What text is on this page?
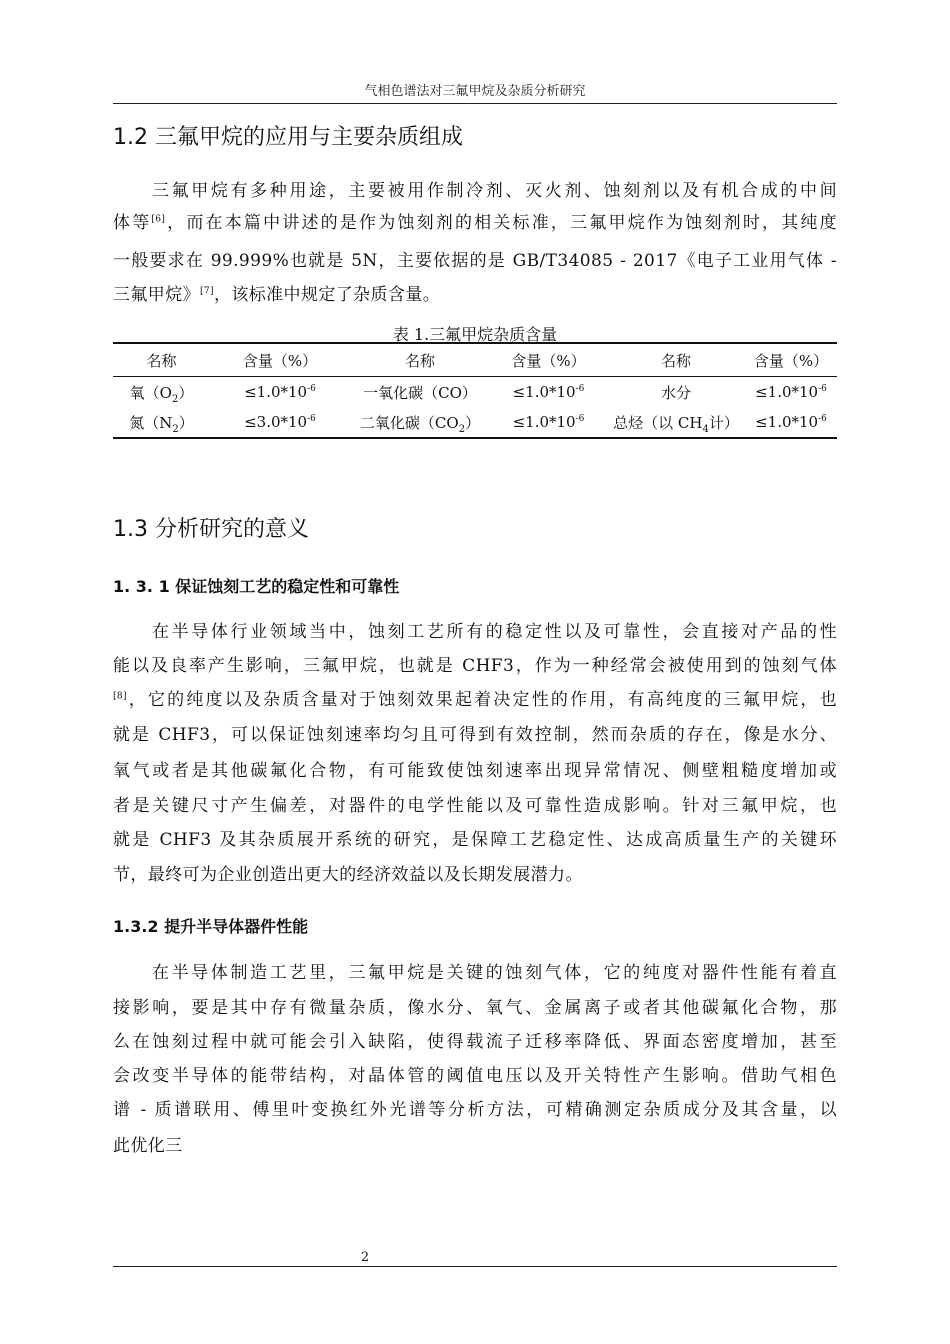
气相色谱法对三氟甲烷及杂质分析研究
1.2 三氟甲烷的应用与主要杂质组成
三氟甲烷有多种用途，主要被用作制冷剂、灭火剂、蚀刻剂以及有机合成的中间
体等[6]，而在本篇中讲述的是作为蚀刻剂的相关标准，三氟甲烷作为蚀刻剂时，其纯度
一般要求在 99.999%也就是 5N，主要依据的是 GB/T34085 - 2017《电子工业用气体 -
三氟甲烷》[7]，该标准中规定了杂质含量。
表 1.三氟甲烷杂质含量
名称	含量（%）	名称	含量（%）	名称	含量（%）
氧$(O_2)$	$\le 1.0*10^{-6}$	一氧化碳（CO）	$\le 1.0*10^{-6}$	水分	$\le 1.0*10^{-6}$
氮$(N_2)$	$\le 3.0*10^{-6}$	二氧化碳$(CO_2)$	$\le 1.0*10^{-6}$	总烃（以 $CH_4$计）	$\le 1.0*10^{-6}$
1.3 分析研究的意义
1. 3. 1 保证蚀刻工艺的稳定性和可靠性
在半导体行业领域当中，蚀刻工艺所有的稳定性以及可靠性，会直接对产品的性
能以及良率产生影响，三氟甲烷，也就是 CHF3，作为一种经常会被使用到的蚀刻气体
[8]，它的纯度以及杂质含量对于蚀刻效果起着决定性的作用，有高纯度的三氟甲烷，也
就是 CHF3，可以保证蚀刻速率均匀且可得到有效控制，然而杂质的存在，像是水分、
氧气或者是其他碳氟化合物，有可能致使蚀刻速率出现异常情况、侧壁粗糙度增加或
者是关键尺寸产生偏差，对器件的电学性能以及可靠性造成影响。针对三氟甲烷，也
就是 CHF3 及其杂质展开系统的研究，是保障工艺稳定性、达成高质量生产的关键环
节，最终可为企业创造出更大的经济效益以及长期发展潜力。
1.3.2 提升半导体器件性能
在半导体制造工艺里，三氟甲烷是关键的蚀刻气体，它的纯度对器件性能有着直
接影响，要是其中存有微量杂质，像水分、氧气、金属离子或者其他碳氟化合物，那
么在蚀刻过程中就可能会引入缺陷，使得载流子迁移率降低、界面态密度增加，甚至
会改变半导体的能带结构，对晶体管的阈值电压以及开关特性产生影响。借助气相色
谱 - 质谱联用、傅里叶变换红外光谱等分析方法，可精确测定杂质成分及其含量，以
此优化三
2
